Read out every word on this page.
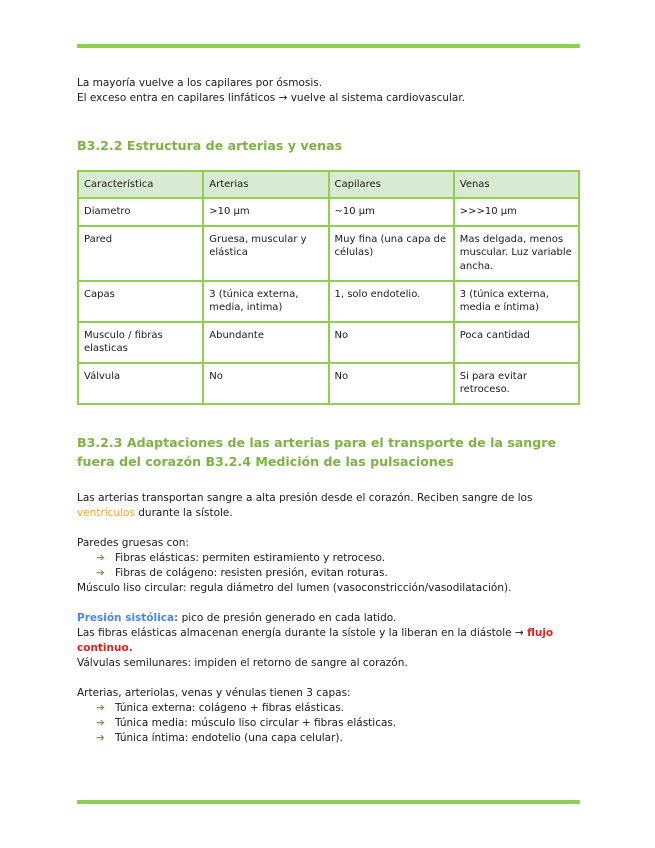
La mayoría vuelve a los capilares por ósmosis.

El exceso entra en capilares linfáticos → vuelve al sistema cardiovascular.

B3.2.2 Estructura de arterias y venas
Característica	Arterias	Capilares	Venas
Diametro	>10 µm	~10 µm	>>>10 µm
Pared	Gruesa, muscular y elástica	Muy fina (una capa de células)	Mas delgada, menos muscular. Luz variable ancha.
Capas	3 (túnica externa, media, intima)	1, solo endotelio.	3 (túnica externa, media e íntima)
Musculo / fibras elasticas	Abundante	No	Poca cantidad
Válvula	No	No	Si para evitar retroceso.
B3.2.3 Adaptaciones de las arterias para el transporte de la sangre fuera del corazón B3.2.4 Medición de las pulsaciones

Las arterias transportan sangre a alta presión desde el corazón. Reciben sangre de los ventrículos durante la sístole.

Paredes gruesas con:

➔ Fibras elásticas: permiten estiramiento y retroceso.
➔ Fibras de colágeno: resisten presión, evitan roturas.

Músculo liso circular: regula diámetro del lumen (vasoconstricción/vasodilatación).

Presión sistólica: pico de presión generado en cada latido.

Las fibras elásticas almacenan energía durante la sístole y la liberan en la diástole → flujo continuo.

Válvulas semilunares: impiden el retorno de sangre al corazón.

Arterias, arteriolas, venas y vénulas tienen 3 capas:

➔ Túnica externa: colágeno + fibras elásticas.
➔ Túnica media: músculo liso circular + fibras elásticas.
➔ Túnica íntima: endotelio (una capa celular).
